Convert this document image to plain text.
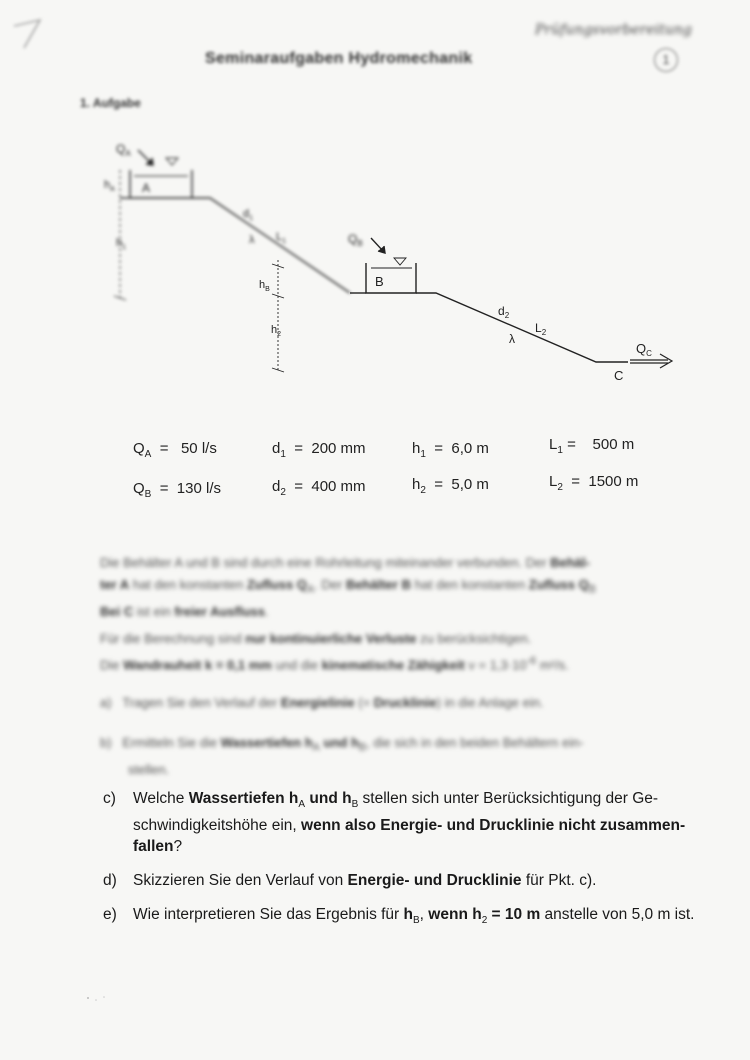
Seminaraufgaben Hydromechanik
Prüfungsvorbereitung
1
1. Aufgabe
$Q_A$
$h_A$
$h_1$
A
$d_1$
$L_1$
λ	$Q_B$
$h_B$
$h_2$
B
$d_2$
$L_2$
λ
$Q_C$
C
$Q_A = 50$ l/s	$d_1 = 200$ mm	$h_1 = 6,0$ m	$L_1 = 500$ m
$Q_B = 130$ l/s	$d_2 = 400$ mm	$h_2 = 5,0$ m	$L_2 = 1500$ m
Die Behälter A und B sind durch eine Rohrleitung miteinander verbunden. Der Behäl-
ter A hat den konstanten Zufluss $Q_A$. Der Behälter B hat den konstanten Zufluss $Q_B$
Bei C ist ein freier Ausfluss.
Für die Berechnung sind nur kontinuierliche Verluste zu berücksichtigen.
Die Wandrauheit k = 0,1 mm und die kinematische Zähigkeit $\nu = 1,3\cdot 10^{-6}$ m²/s.
a) Tragen Sie den Verlauf der Energielinie (= Drucklinie) in die Anlage ein.
b) Ermitteln Sie die Wassertiefen $h_A$ und $h_B$, die sich in den beiden Behältern ein-
stellen.
c) Welche Wassertiefen $h_A$ und $h_B$ stellen sich unter Berücksichtigung der Ge-
schwindigkeitshöhe ein, wenn also Energie- und Drucklinie nicht zusammen-
fallen?
d) Skizzieren Sie den Verlauf von Energie- und Drucklinie für Pkt. c).
e) Wie interpretieren Sie das Ergebnis für $h_B$, wenn $h_2 = 10$ m anstelle von 5,0 m ist.
